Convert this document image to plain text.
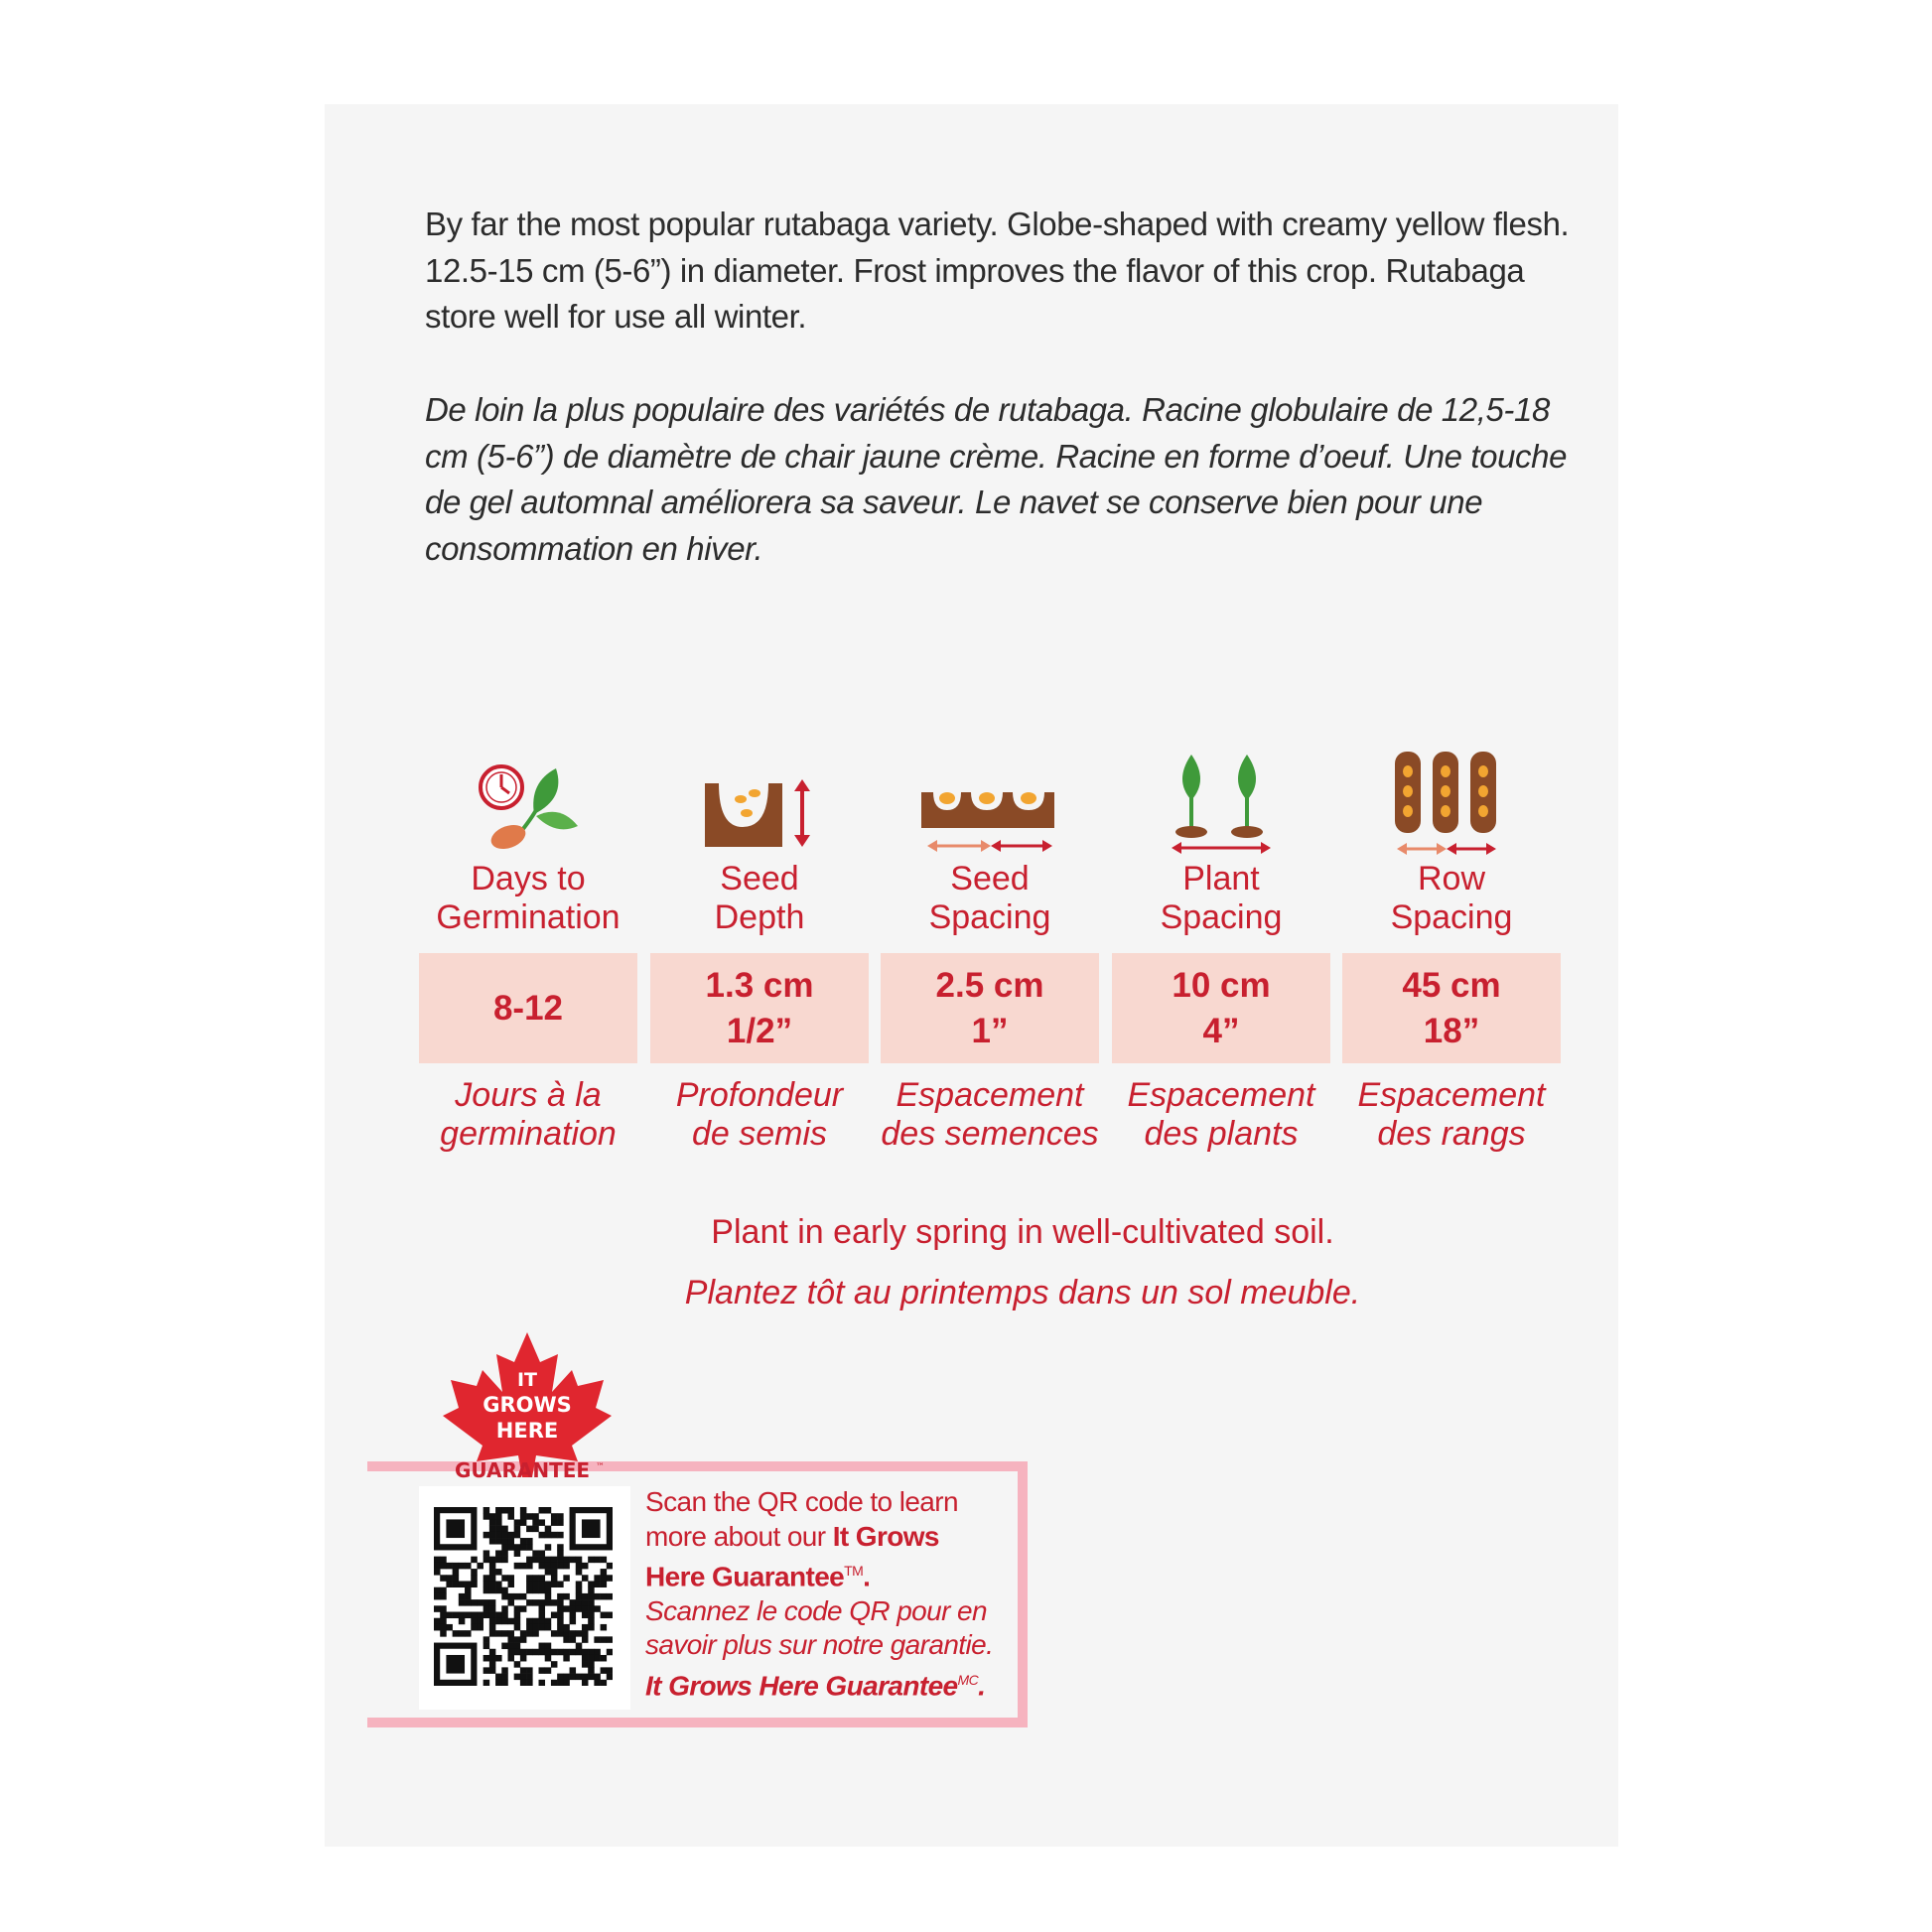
By far the most popular rutabaga variety. Globe-shaped with creamy yellow flesh. 12.5-15 cm (5-6”) in diameter. Frost improves the flavor of this crop. Rutabaga store well for use all winter.

De loin la plus populaire des variétés de rutabaga. Racine globulaire de 12,5-18 cm (5-6”) de diamètre de chair jaune crème. Racine en forme d’oeuf. Une touche de gel automnal améliorera sa saveur. Le navet se conserve bien pour une consommation en hiver.

Days to
Germination
8-12
Jours à la
germination
Seed
Depth
1.3 cm
1/2”
Profondeur
de semis
Seed
Spacing
2.5 cm
1”
Espacement
des semences
Plant
Spacing
10 cm
4”
Espacement
des plants
Row
Spacing
45 cm
18”
Espacement
des rangs
Plant in early spring in well-cultivated soil.
Plantez tôt au printemps dans un sol meuble.
IT
GROWS
HERE
GUARANTEE ™
Scan the QR code to learn more about our It Grows Here Guarantee™.
Scannez le code QR pour en savoir plus sur notre garantie. It Grows Here Guarantee$^{MC}$.
